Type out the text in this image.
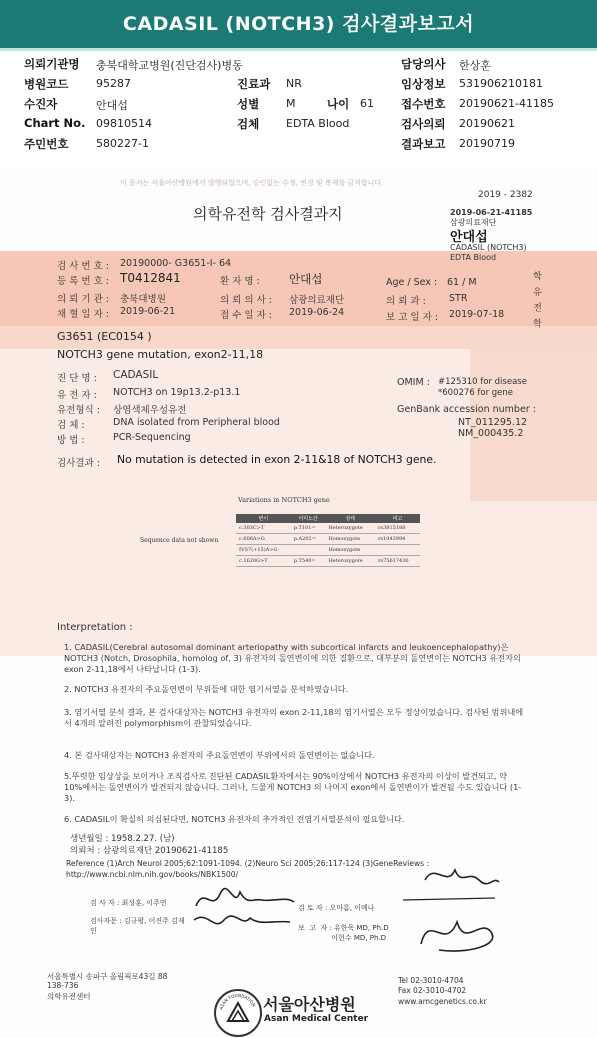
CADASIL (NOTCH3) 검사결과보고서
의뢰기관명 충북대학교병원(진단검사)병동	담당의사 한상훈
병원코드	95287	진료과 NR	임상정보 531906210181
수진자	안대섭	성별 M	나이 61 접수번호 20190621-41185
Chart No. 09810514	검체 EDTA Blood	검사의뢰 20190621
주민번호	580227-1	결과보고 20190719
이 문서는 서울아산병원에서 발행되었으며, 승인없는 수정, 변경 및 복제를 금지합니다.
2019 - 2382
의학유전학 검사결과지	2019-06-21-41185
삼광의료재단
안대섭
CADASIL (NOTCH3)
EDTA Blood
검 사 번 호 : 20190000- G3651-I- 64
등 록 번 호 : T0412841	환 자 명 :	안대섭	Age / Sex : 61 / M
의 뢰 기 관 : 충북대병원	의 뢰 의 사 : 삼광의료재단	의 뢰 과 : STR
채 혈 일 자 : 2019-06-21	접 수 일 자 : 2019-06-24	보 고 일 자 : 2019-07-18	학 유 전 학
G3651 (EC0154 )
NOTCH3 gene mutation, exon2-11,18
진 단 명 : CADASIL
유 전 자 : NOTCH3 on 19p13.2-p13.1
유전형식 : 상염색체우성유전
검 체 :	DNA isolated from Peripheral blood
방 법 :	PCR-Sequencing
OMIM : #125310 for disease
*600276 for gene
GenBank accession number :
NT_011295.12
NM_000435.2
검사결과 : No mutation is detected in exon 2-11&18 of NOTCH3 gene.
Variations in NOTCH3 gene
Sequence data not shown
변이	아미노산	상태	비고
c.303C>T	p.T101=	Heterozygote	rs3815188
c.606A>G	p.A202=	Homozygote	rs1043994
IVS7(+15)A>G		Homozygote	
c.1620G>T	p.T540=	Heterozygote	rs75617430
Interpretation :
1. CADASIL(Cerebral autosomal dominant arteriopathy with subcortical infarcts and leukoencephalopathy)은 NOTCH3 (Notch, Drosophila, homolog of, 3) 유전자의 돌연변이에 의한 질환으로, 대부분의 돌연변이는 NOTCH3 유전자의 exon 2-11,18에서 나타납니다 (1-3).
2. NOTCH3 유전자의 주요돌연변이 부위들에 대한 염기서열을 분석하였습니다.
3. 염기서열 분석 결과, 본 검사대상자는 NOTCH3 유전자의 exon 2-11,18의 염기서열은 모두 정상이었습니다. 검사된 범위내에서 4개의 알려진 polymorphism이 관찰되었습니다.
4. 본 검사대상자는 NOTCH3 유전자의 주요돌연변이 부위에서의 돌연변이는 없습니다.
5.뚜렷한 임상상을 보이거나 조직검사로 진단된 CADASIL환자에서는 90%이상에서 NOTCH3 유전자의 이상이 발견되고, 약 10%에서는 돌연변이가 발견되지 않습니다. 그러나, 드물게 NOTCH3 의 나머지 exon에서 돌연변이가 발견될 수도 있습니다 (1-3).
6. CADASIL이 확실히 의심된다면, NOTCH3 유전자의 추가적인 전염기서열분석이 필요합니다.
생년월일 : 1958.2.27. (남)
의뢰처 : 삼광의료재단 20190621-41185
Reference (1)Arch Neurol 2005;62:1091-1094. (2)Neuro Sci 2005;26:117-124 (3)GeneReviews :
http://www.ncbi.nlm.nih.gov/books/NBK1500/
검 사 자 : 최성훈, 이주연
검사자문 : 김규평, 이진주 김재인
검 토 자 : 오마름, 이메나
보  고  자 : 유한욱 MD, Ph.D
이헌수 MD, Ph.D
서울특별시 송파구 올림픽로43길 88
138-736
의학유전센터
Tel 02-3010-4704
Fax 02-3010-4702
www.amcgenetics.co.kr
ASAN FOUNDATION 서울아산병원
Asan Medical Center
